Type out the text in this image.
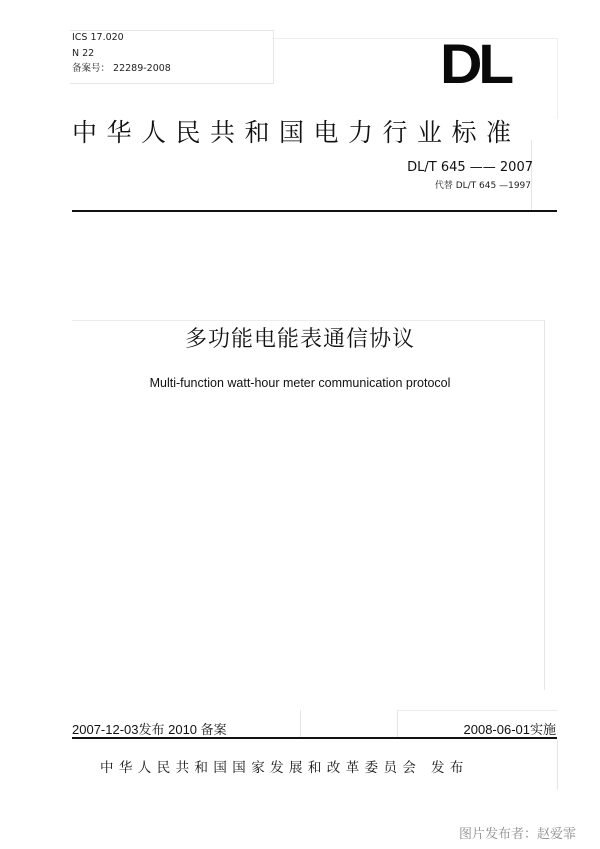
ICS 17.020
N 22
备案号： 22289-2008	DL
中华人民共和国电力行业标准
DL/T 645 —— 2007
代替 DL/T 645 —1997
多功能电能表通信协议
Multi-function watt-hour meter communication protocol
2007-12-03发布 2010 备案	2008-06-01实施
中华人民共和国国家发展和改革委员会 发布
图片发布者：赵爱霏
